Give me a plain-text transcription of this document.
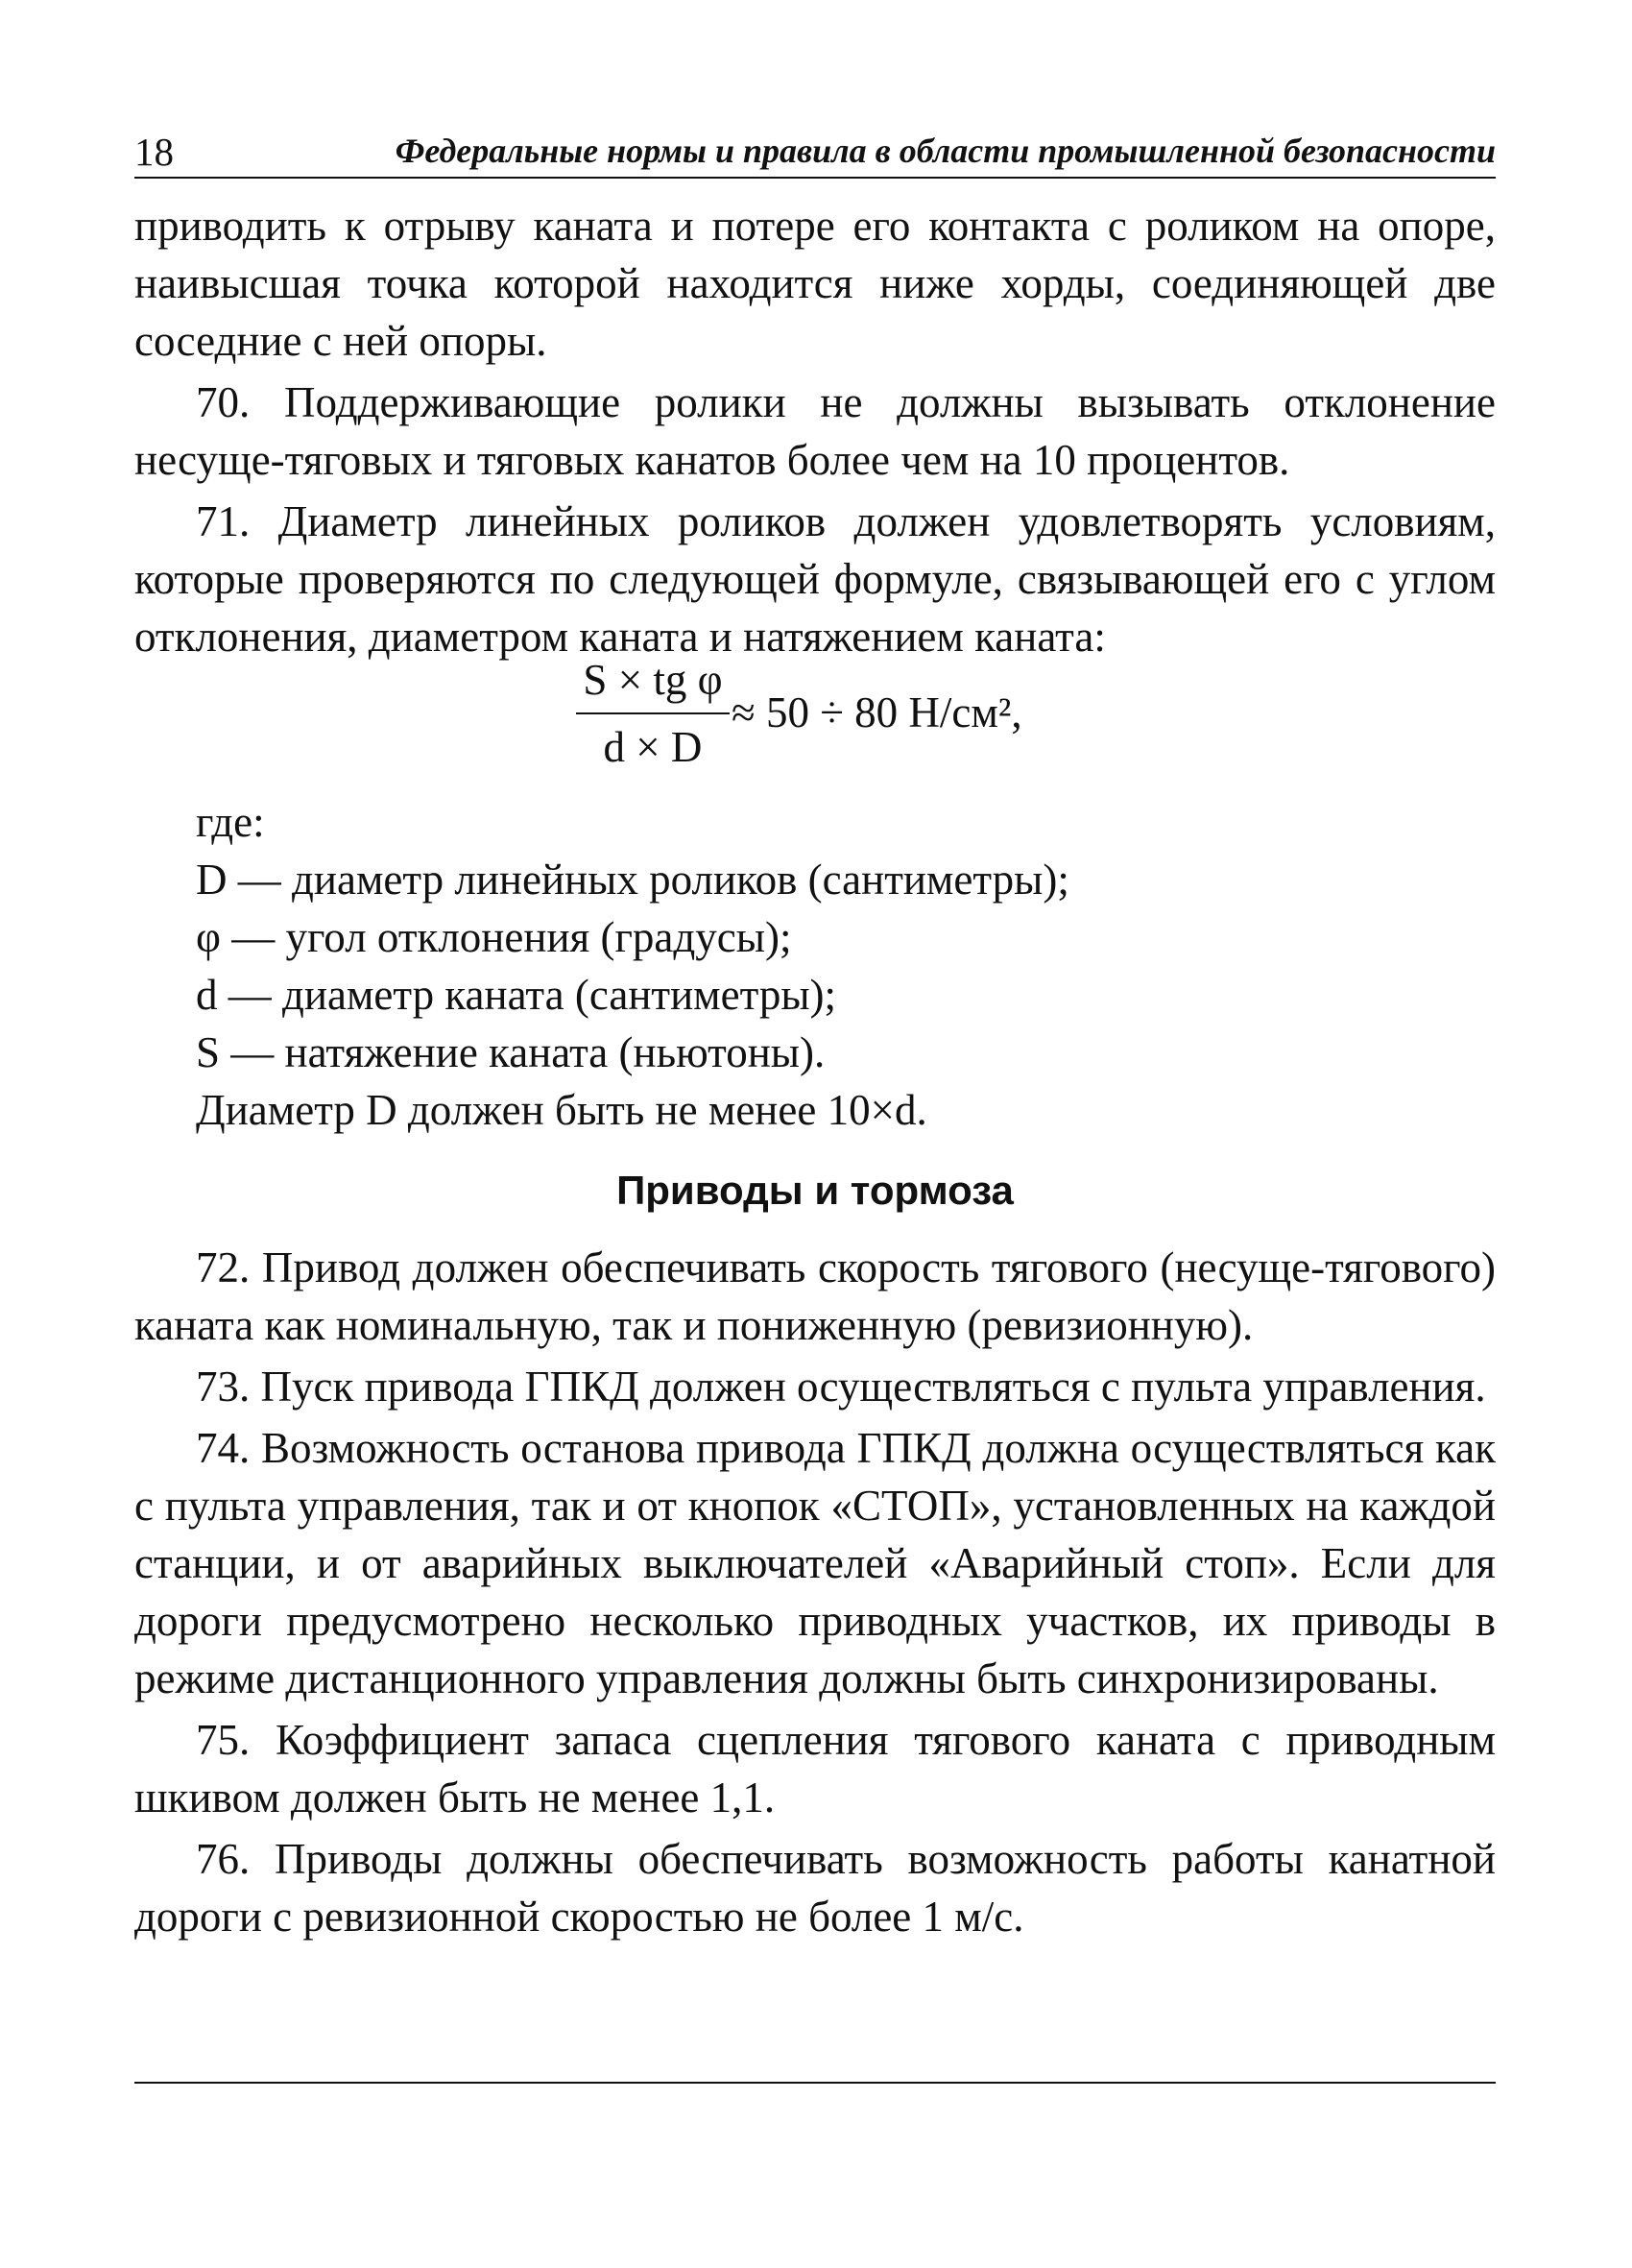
18	Федеральные нормы и правила в области промышленной безопасности

приводить к отрыву каната и потере его контакта с роликом на опоре, наивысшая точка которой находится ниже хорды, соединяющей две соседние с ней опоры.

70. Поддерживающие ролики не должны вызывать отклонение несуще-тяговых и тяговых канатов более чем на 10 процентов.

71. Диаметр линейных роликов должен удовлетворять условиям, которые проверяются по следующей формуле, связывающей его с углом отклонения, диаметром каната и натяжением каната:

S × tg φ
d × D
≈ 50 ÷ 80 Н/см²,
где:
D — диаметр линейных роликов (сантиметры);
φ — угол отклонения (градусы);
d — диаметр каната (сантиметры);
S — натяжение каната (ньютоны).
Диаметр D должен быть не менее 10×d.
Приводы и тормоза

72. Привод должен обеспечивать скорость тягового (несуще-тягового) каната как номинальную, так и пониженную (ревизионную).

73. Пуск привода ГПКД должен осуществляться с пульта управления.

74. Возможность останова привода ГПКД должна осуществляться как с пульта управления, так и от кнопок «СТОП», установленных на каждой станции, и от аварийных выключателей «Аварийный стоп». Если для дороги предусмотрено несколько приводных участков, их приводы в режиме дистанционного управления должны быть синхронизированы.

75. Коэффициент запаса сцепления тягового каната с приводным шкивом должен быть не менее 1,1.

76. Приводы должны обеспечивать возможность работы канатной дороги с ревизионной скоростью не более 1 м/с.
